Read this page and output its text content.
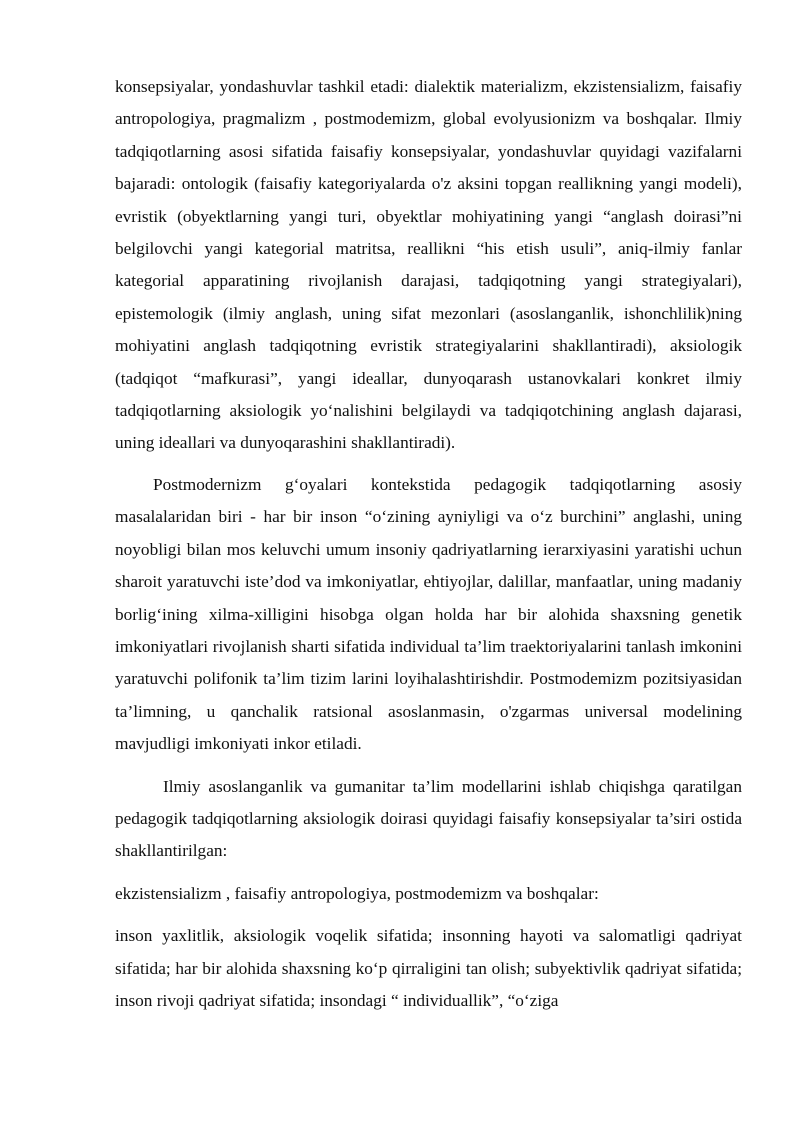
konsepsiyalar, yondashuvlar tashkil etadi: dialektik materializm, ekzistensializm, faisafiy antropologiya, pragmalizm , postmodemizm, global evolyusionizm va boshqalar. Ilmiy tadqiqotlarning asosi sifatida faisafiy konsepsiyalar, yondashuvlar quyidagi vazifalarni bajaradi: ontologik (faisafiy kategoriyalarda o'z aksini topgan reallikning yangi modeli), evristik (obyektlarning yangi turi, obyektlar mohiyatining yangi “anglash doirasi”ni belgilovchi yangi kategorial matritsa, reallikni “his etish usuli”, aniq-ilmiy fanlar kategorial apparatining rivojlanish darajasi, tadqiqotning yangi strategiyalari), epistemologik (ilmiy anglash, uning sifat mezonlari (asoslanganlik, ishonchlilik)ning mohiyatini anglash tadqiqotning evristik strategiyalarini shakllantiradi), aksiologik (tadqiqot “mafkurasi”, yangi ideallar, dunyoqarash ustanovkalari konkret ilmiy tadqiqotlarning aksiologik yo‘nalishini belgilaydi va tadqiqotchining anglash dajarasi, uning ideallari va dunyoqarashini shakllantiradi).

Postmodernizm g‘oyalari kontekstida pedagogik tadqiqotlarning asosiy masalalaridan biri - har bir inson “o‘zining ayniyligi va o‘z burchini” anglashi, uning noyobligi bilan mos keluvchi umum insoniy qadriyatlarning ierarxiyasini yaratishi uchun sharoit yaratuvchi iste’dod va imkoniyatlar, ehtiyojlar, dalillar, manfaatlar, uning madaniy borlig‘ining xilma-xilligini hisobga olgan holda har bir alohida shaxsning genetik imkoniyatlari rivojlanish sharti sifatida individual ta’lim traektoriyalarini tanlash imkonini yaratuvchi polifonik ta’lim tizim larini loyihalashtirishdir. Postmodemizm pozitsiyasidan ta’limning, u qanchalik ratsional asoslanmasin, o'zgarmas universal modelining mavjudligi imkoniyati inkor etiladi.

Ilmiy asoslanganlik va gumanitar ta’lim modellarini ishlab chiqishga qaratilgan pedagogik tadqiqotlarning aksiologik doirasi quyidagi faisafiy konsepsiyalar ta’siri ostida shakllantirilgan:

ekzistensializm , faisafiy antropologiya, postmodemizm va boshqalar:

inson yaxlitlik, aksiologik voqelik sifatida; insonning hayoti va salomatligi qadriyat sifatida; har bir alohida shaxsning ko‘p qirraligini tan olish; subyektivlik qadriyat sifatida; inson rivoji qadriyat sifatida; insondagi “ individuallik”, “o‘ziga
